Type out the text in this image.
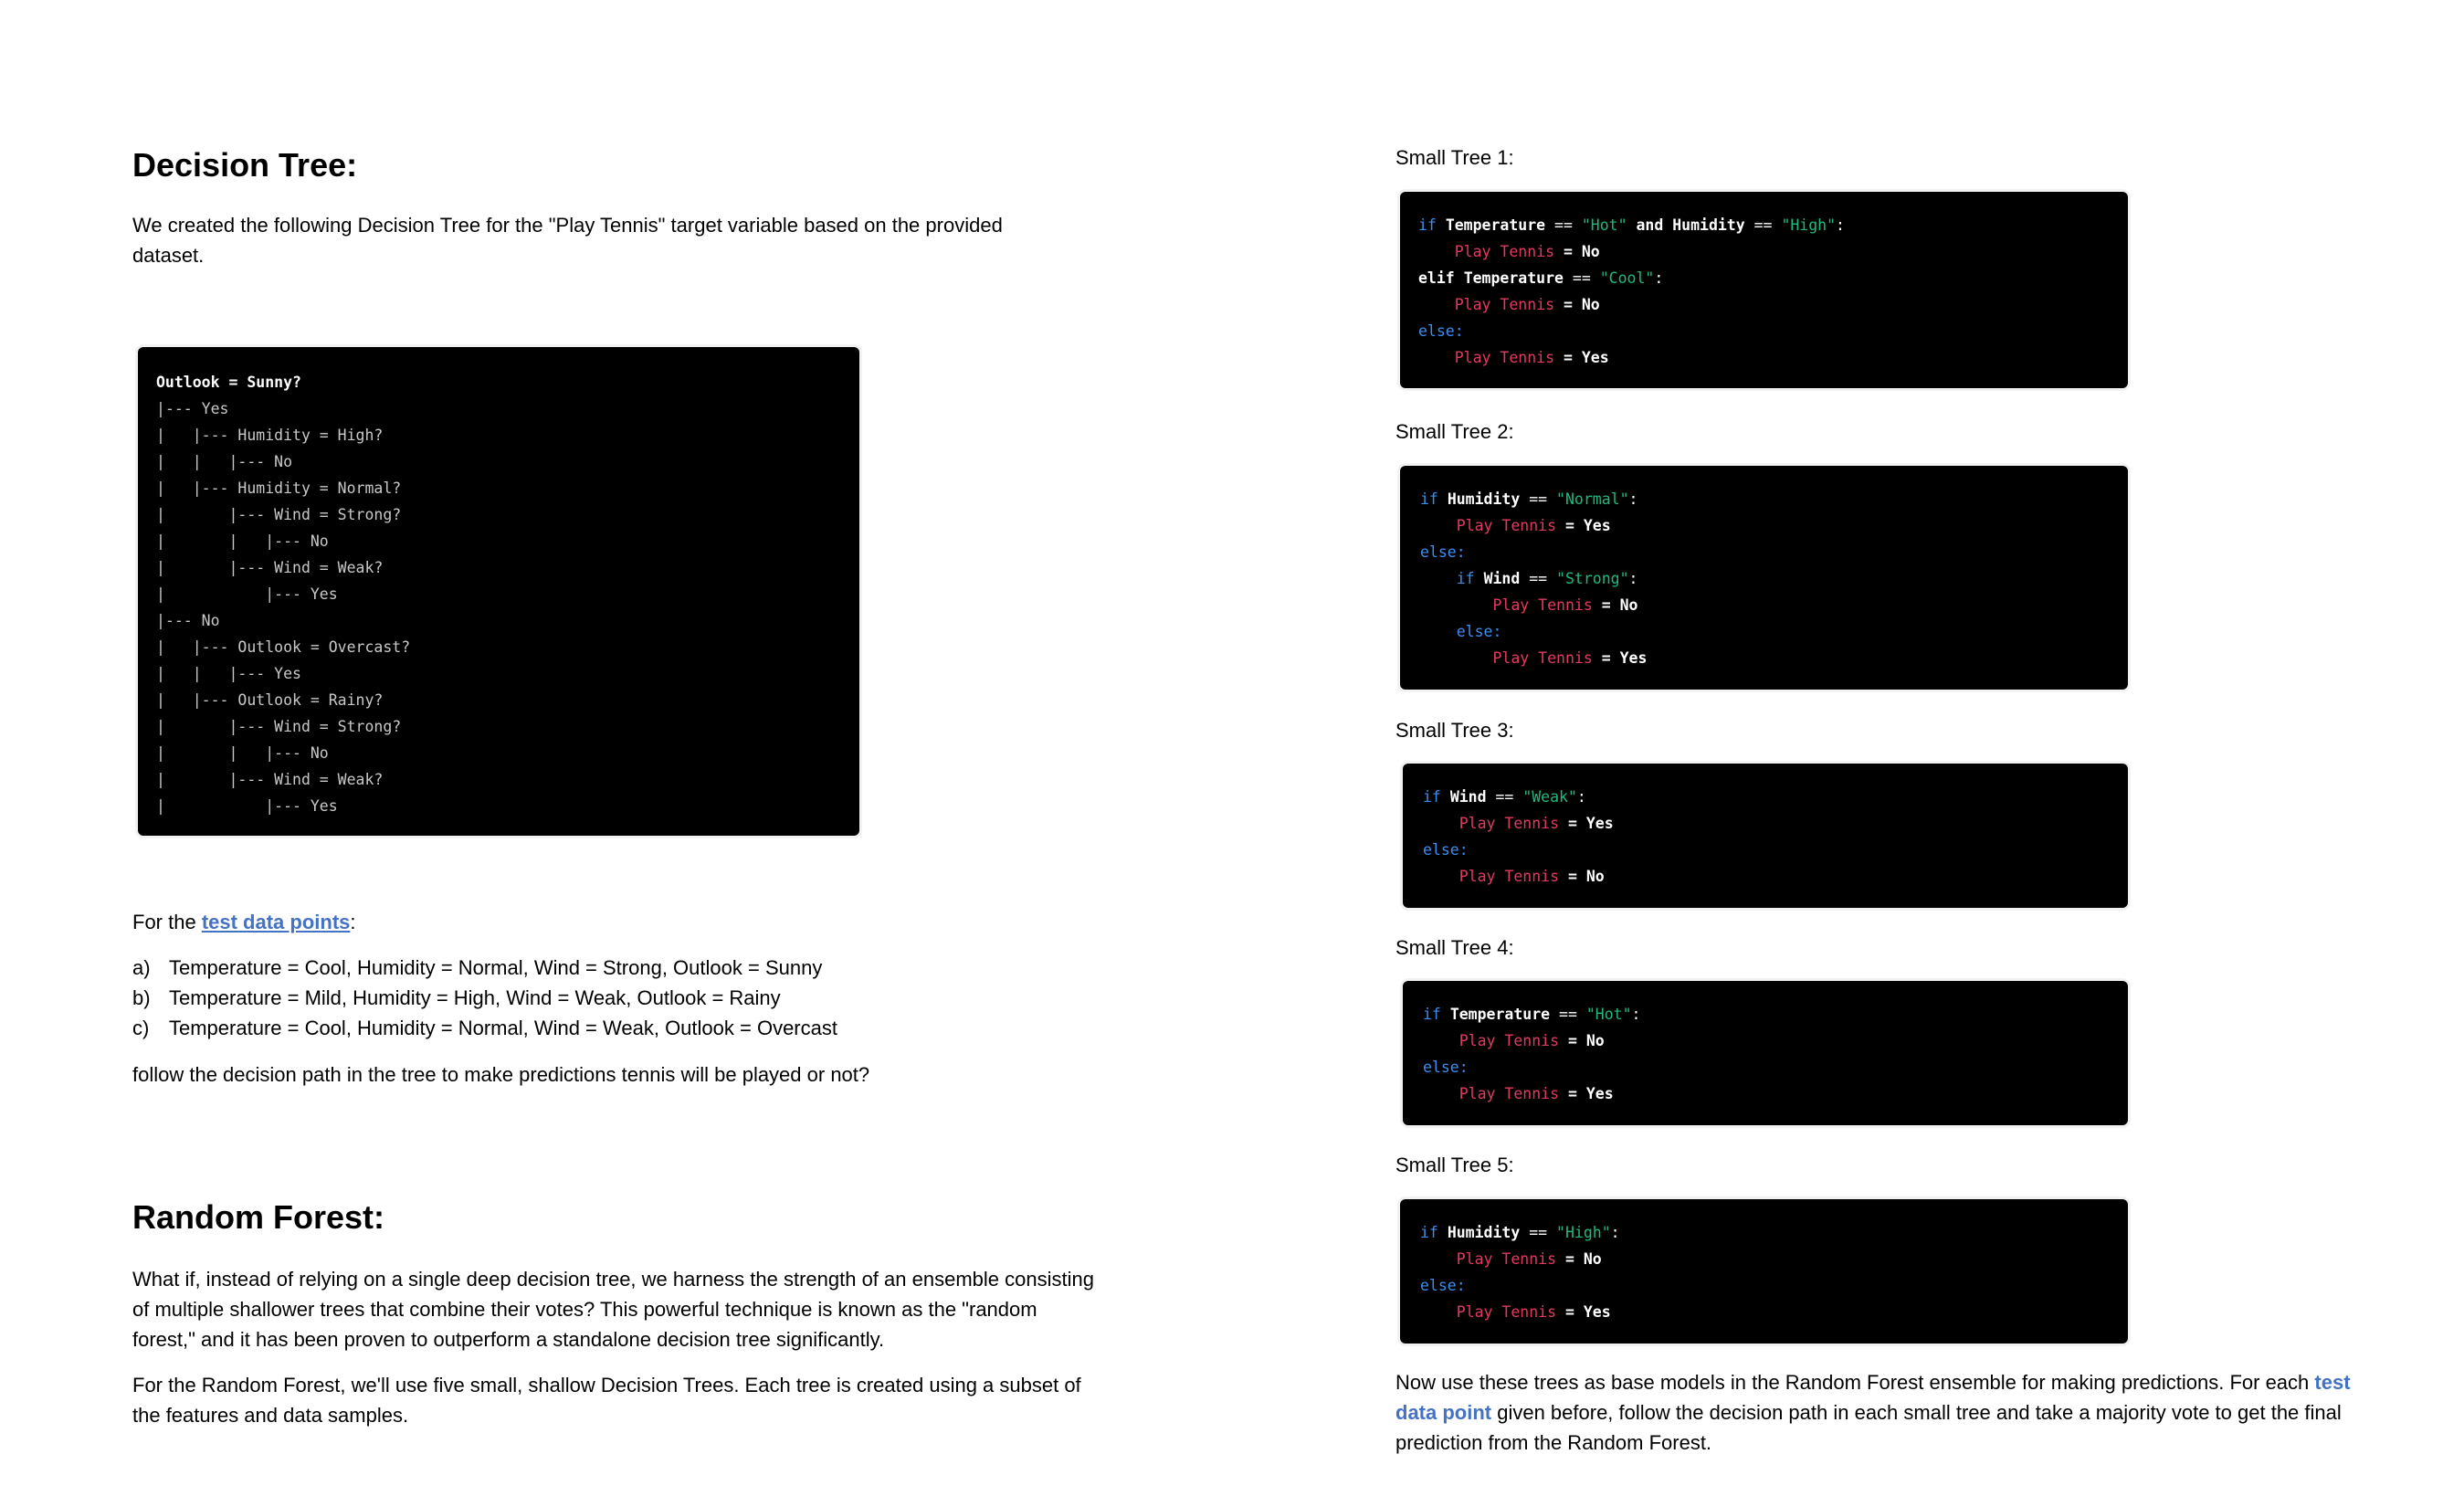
Decision Tree:

We created the following Decision Tree for the "Play Tennis" target variable based on the provided dataset.

Outlook = Sunny?
|--- Yes
|   |--- Humidity = High?
|   |   |--- No
|   |--- Humidity = Normal?
|       |--- Wind = Strong?
|       |   |--- No
|       |--- Wind = Weak?
|           |--- Yes
|--- No
|   |--- Outlook = Overcast?
|   |   |--- Yes
|   |--- Outlook = Rainy?
|       |--- Wind = Strong?
|       |   |--- No
|       |--- Wind = Weak?
|           |--- Yes

For the test data points:

a) Temperature = Cool, Humidity = Normal, Wind = Strong, Outlook = Sunny
b) Temperature = Mild, Humidity = High, Wind = Weak, Outlook = Rainy
c) Temperature = Cool, Humidity = Normal, Wind = Weak, Outlook = Overcast

follow the decision path in the tree to make predictions tennis will be played or not?

Random Forest:

What if, instead of relying on a single deep decision tree, we harness the strength of an ensemble consisting of multiple shallower trees that combine their votes? This powerful technique is known as the "random forest," and it has been proven to outperform a standalone decision tree significantly.

For the Random Forest, we'll use five small, shallow Decision Trees. Each tree is created using a subset of the features and data samples.

Small Tree 1:
if Temperature == "Hot" and Humidity == "High":
Play Tennis = No
elif Temperature == "Cool":
Play Tennis = No
else:
Play Tennis = Yes
Small Tree 2:
if Humidity == "Normal":
Play Tennis = Yes
else:
if Wind == "Strong":
Play Tennis = No
else:
Play Tennis = Yes
Small Tree 3:
if Wind == "Weak":
Play Tennis = Yes
else:
Play Tennis = No
Small Tree 4:
if Temperature == "Hot":
Play Tennis = No
else:
Play Tennis = Yes
Small Tree 5:
if Humidity == "High":
Play Tennis = No
else:
Play Tennis = Yes

Now use these trees as base models in the Random Forest ensemble for making predictions. For each test data point given before, follow the decision path in each small tree and take a majority vote to get the final prediction from the Random Forest.
